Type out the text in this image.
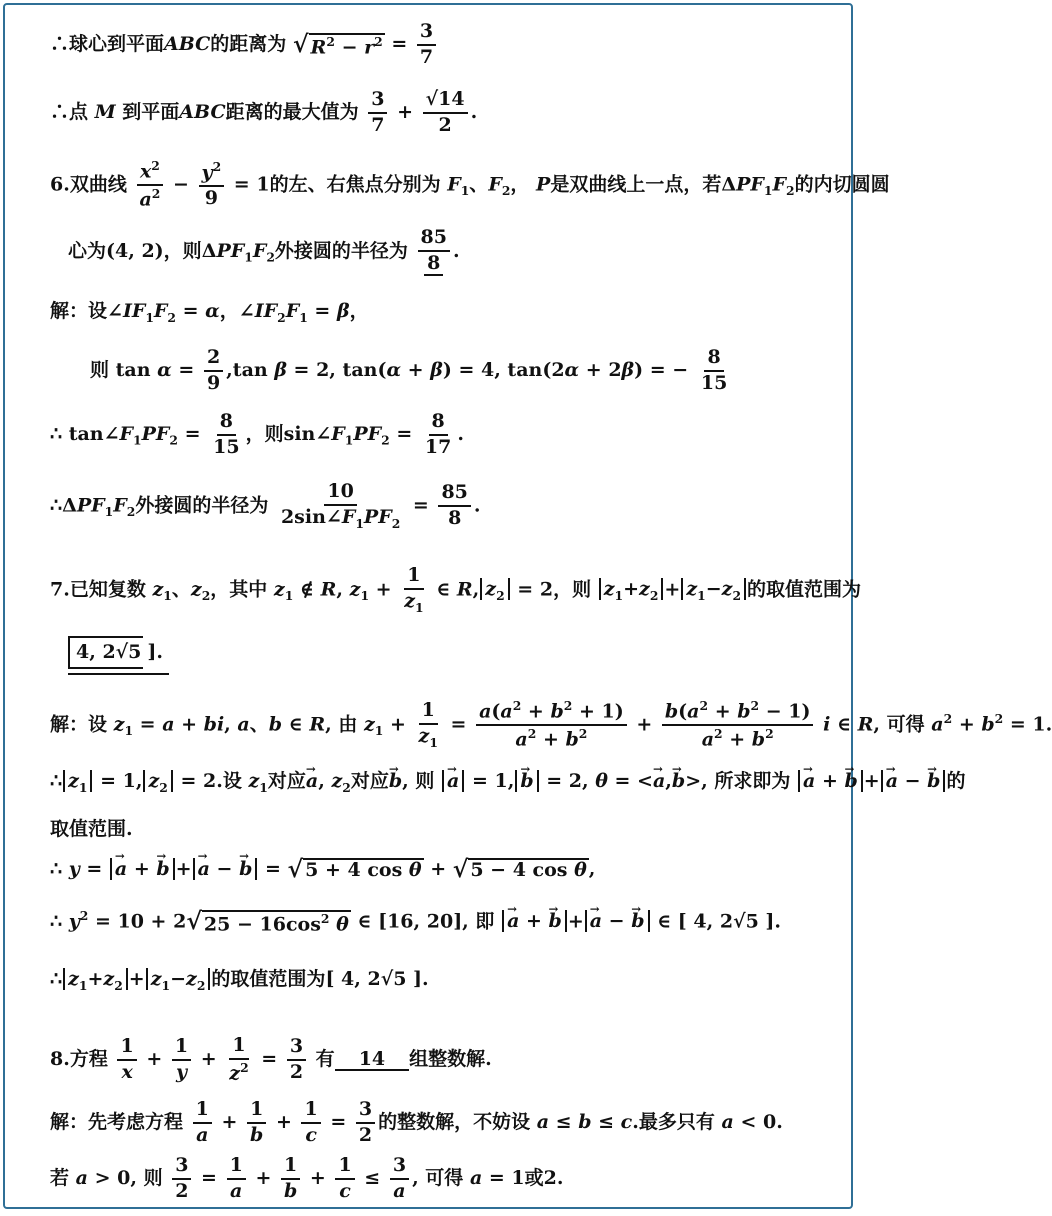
∴球心到平面ABC的距离为 √ $R^2 - r^2 = \frac{3}{7}$
∴点 M 到平面ABC距离的最大值为 $\frac{3}{7} + \frac{√14}{2}$ .
6.双曲线 $\frac{x^2}{a^2} - \frac{y^2}{9} = 1$的左、右焦点分别为 $F_1$、$F_2$， P是双曲线上一点，若$\Delta PF_1F_2$的内切圆圆
心为(4, 2)，则$\Delta PF_1F_2$外接圆的半径为 $\frac{85}{8}$ .
解：设$\angle IF_1F_2 = \alpha$，$\angle IF_2F_1 = \beta$，
则 $\tan \alpha = \frac{2}{9} ,\tan$ β = 2, tan(α + β) = 4, tan(2α + 2β) = − $\frac{8}{15}$
∴ $\tan\angle F_1PF_2 = \frac{8}{15}$ ，则$\sin\angle F_1PF_2 = \frac{8}{17}$ .
$\therefore\Delta PF_1F_2$外接圆的半径为 $\frac{10}{2\sin\angle F_1PF_2} = \frac{85}{8}$ .
7.已知复数 $z_1$、$z_2$，其中 $z_1$ ∉ R, $z_1 + \frac{1}{z_1}$ ∈ R, $z_2 = 2$，则 $z_1+z_2 + z_1-z_2$ 的取值范围为
4, 2√5 ].
解：设 $z_1 = a$ + bi, a、b ∈ R, 由 $z_1 + \frac{1}{z_1} = \frac{a(a^2 + b^2 + 1)}{a^2 + b^2} + \frac{b(a^2 + b^2 - 1)}{a^2 + b^2}$ i ∈ R, 可得 $a^2 + b^2 = 1$.
∴ $z_1 = 1$, $z_2 = 2$.设 $z_1$对应→ a, $z_2$对应→ b, 则 → a = 1, → b = 2, θ = <→ a,→ b>, 所求即为 → a + → b + → a − → b 的
取值范围.
∴ y = → a + → b + → a − → b = √ 5 + 4 cos θ + √ 5 − 4 cos θ ,
∴ $y^2 = 10 + 2$ √ $25 - 16\cos^2$ θ ∈ [16, 20], 即 → a + → b + → a − → b ∈ [ 4, 2√5 ].
∴ $z_1+z_2 + z_1-z_2$ 的取值范围为[ 4, 2√5 ].
8.方程 $\frac{1}{x} + \frac{1}{y} + \frac{1}{z^2} = \frac{3}{2}$ 有 14 组整数解.
解：先考虑方程 $\frac{1}{a} + \frac{1}{b} + \frac{1}{c} = \frac{3}{2}$ 的整数解，不妨设 a ≤ b ≤ c.最多只有 a < 0.
若 a > 0, 则 $\frac{3}{2} = \frac{1}{a} + \frac{1}{b} + \frac{1}{c} \le \frac{3}{a}$ , 可得 a = 1或2.
